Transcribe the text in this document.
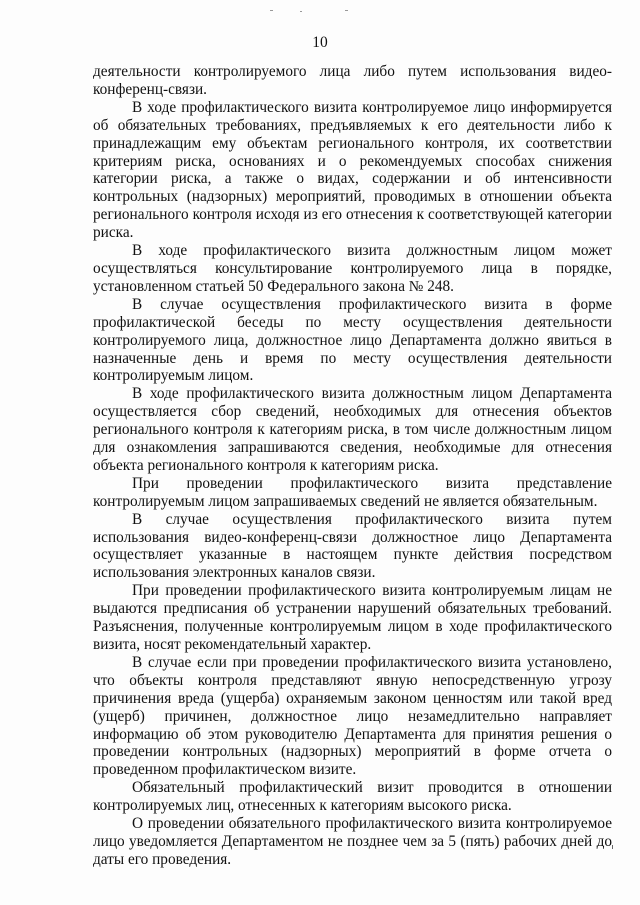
10

деятельности контролируемого лица либо путем использования видео-конференц-связи.

В ходе профилактического визита контролируемое лицо информируется об обязательных требованиях, предъявляемых к его деятельности либо к принадлежащим ему объектам регионального контроля, их соответствии критериям риска, основаниях и о рекомендуемых способах снижения категории риска, а также о видах, содержании и об интенсивности контрольных (надзорных) мероприятий, проводимых в отношении объекта регионального контроля исходя из его отнесения к соответствующей категории риска.

В ходе профилактического визита должностным лицом может осуществляться консультирование контролируемого лица в порядке, установленном статьей 50 Федерального закона № 248.

В случае осуществления профилактического визита в форме профилактической беседы по месту осуществления деятельности контролируемого лица, должностное лицо Департамента должно явиться в назначенные день и время по месту осуществления деятельности контролируемым лицом.

В ходе профилактического визита должностным лицом Департамента осуществляется сбор сведений, необходимых для отнесения объектов регионального контроля к категориям риска, в том числе должностным лицом для ознакомления запрашиваются сведения, необходимые для отнесения объекта регионального контроля к категориям риска.

При проведении профилактического визита представление контролируемым лицом запрашиваемых сведений не является обязательным.

В случае осуществления профилактического визита путем использования видео-конференц-связи должностное лицо Департамента осуществляет указанные в настоящем пункте действия посредством использования электронных каналов связи.

При проведении профилактического визита контролируемым лицам не выдаются предписания об устранении нарушений обязательных требований. Разъяснения, полученные контролируемым лицом в ходе профилактического визита, носят рекомендательный характер.

В случае если при проведении профилактического визита установлено, что объекты контроля представляют явную непосредственную угрозу причинения вреда (ущерба) охраняемым законом ценностям или такой вред (ущерб) причинен, должностное лицо незамедлительно направляет информацию об этом руководителю Департамента для принятия решения о проведении контрольных (надзорных) мероприятий в форме отчета о проведенном профилактическом визите.

Обязательный профилактический визит проводится в отношении контролируемых лиц, отнесенных к категориям высокого риска.

О проведении обязательного профилактического визита контролируемое лицо уведомляется Департаментом не позднее чем за 5 (пять) рабочих дней до даты его проведения.
